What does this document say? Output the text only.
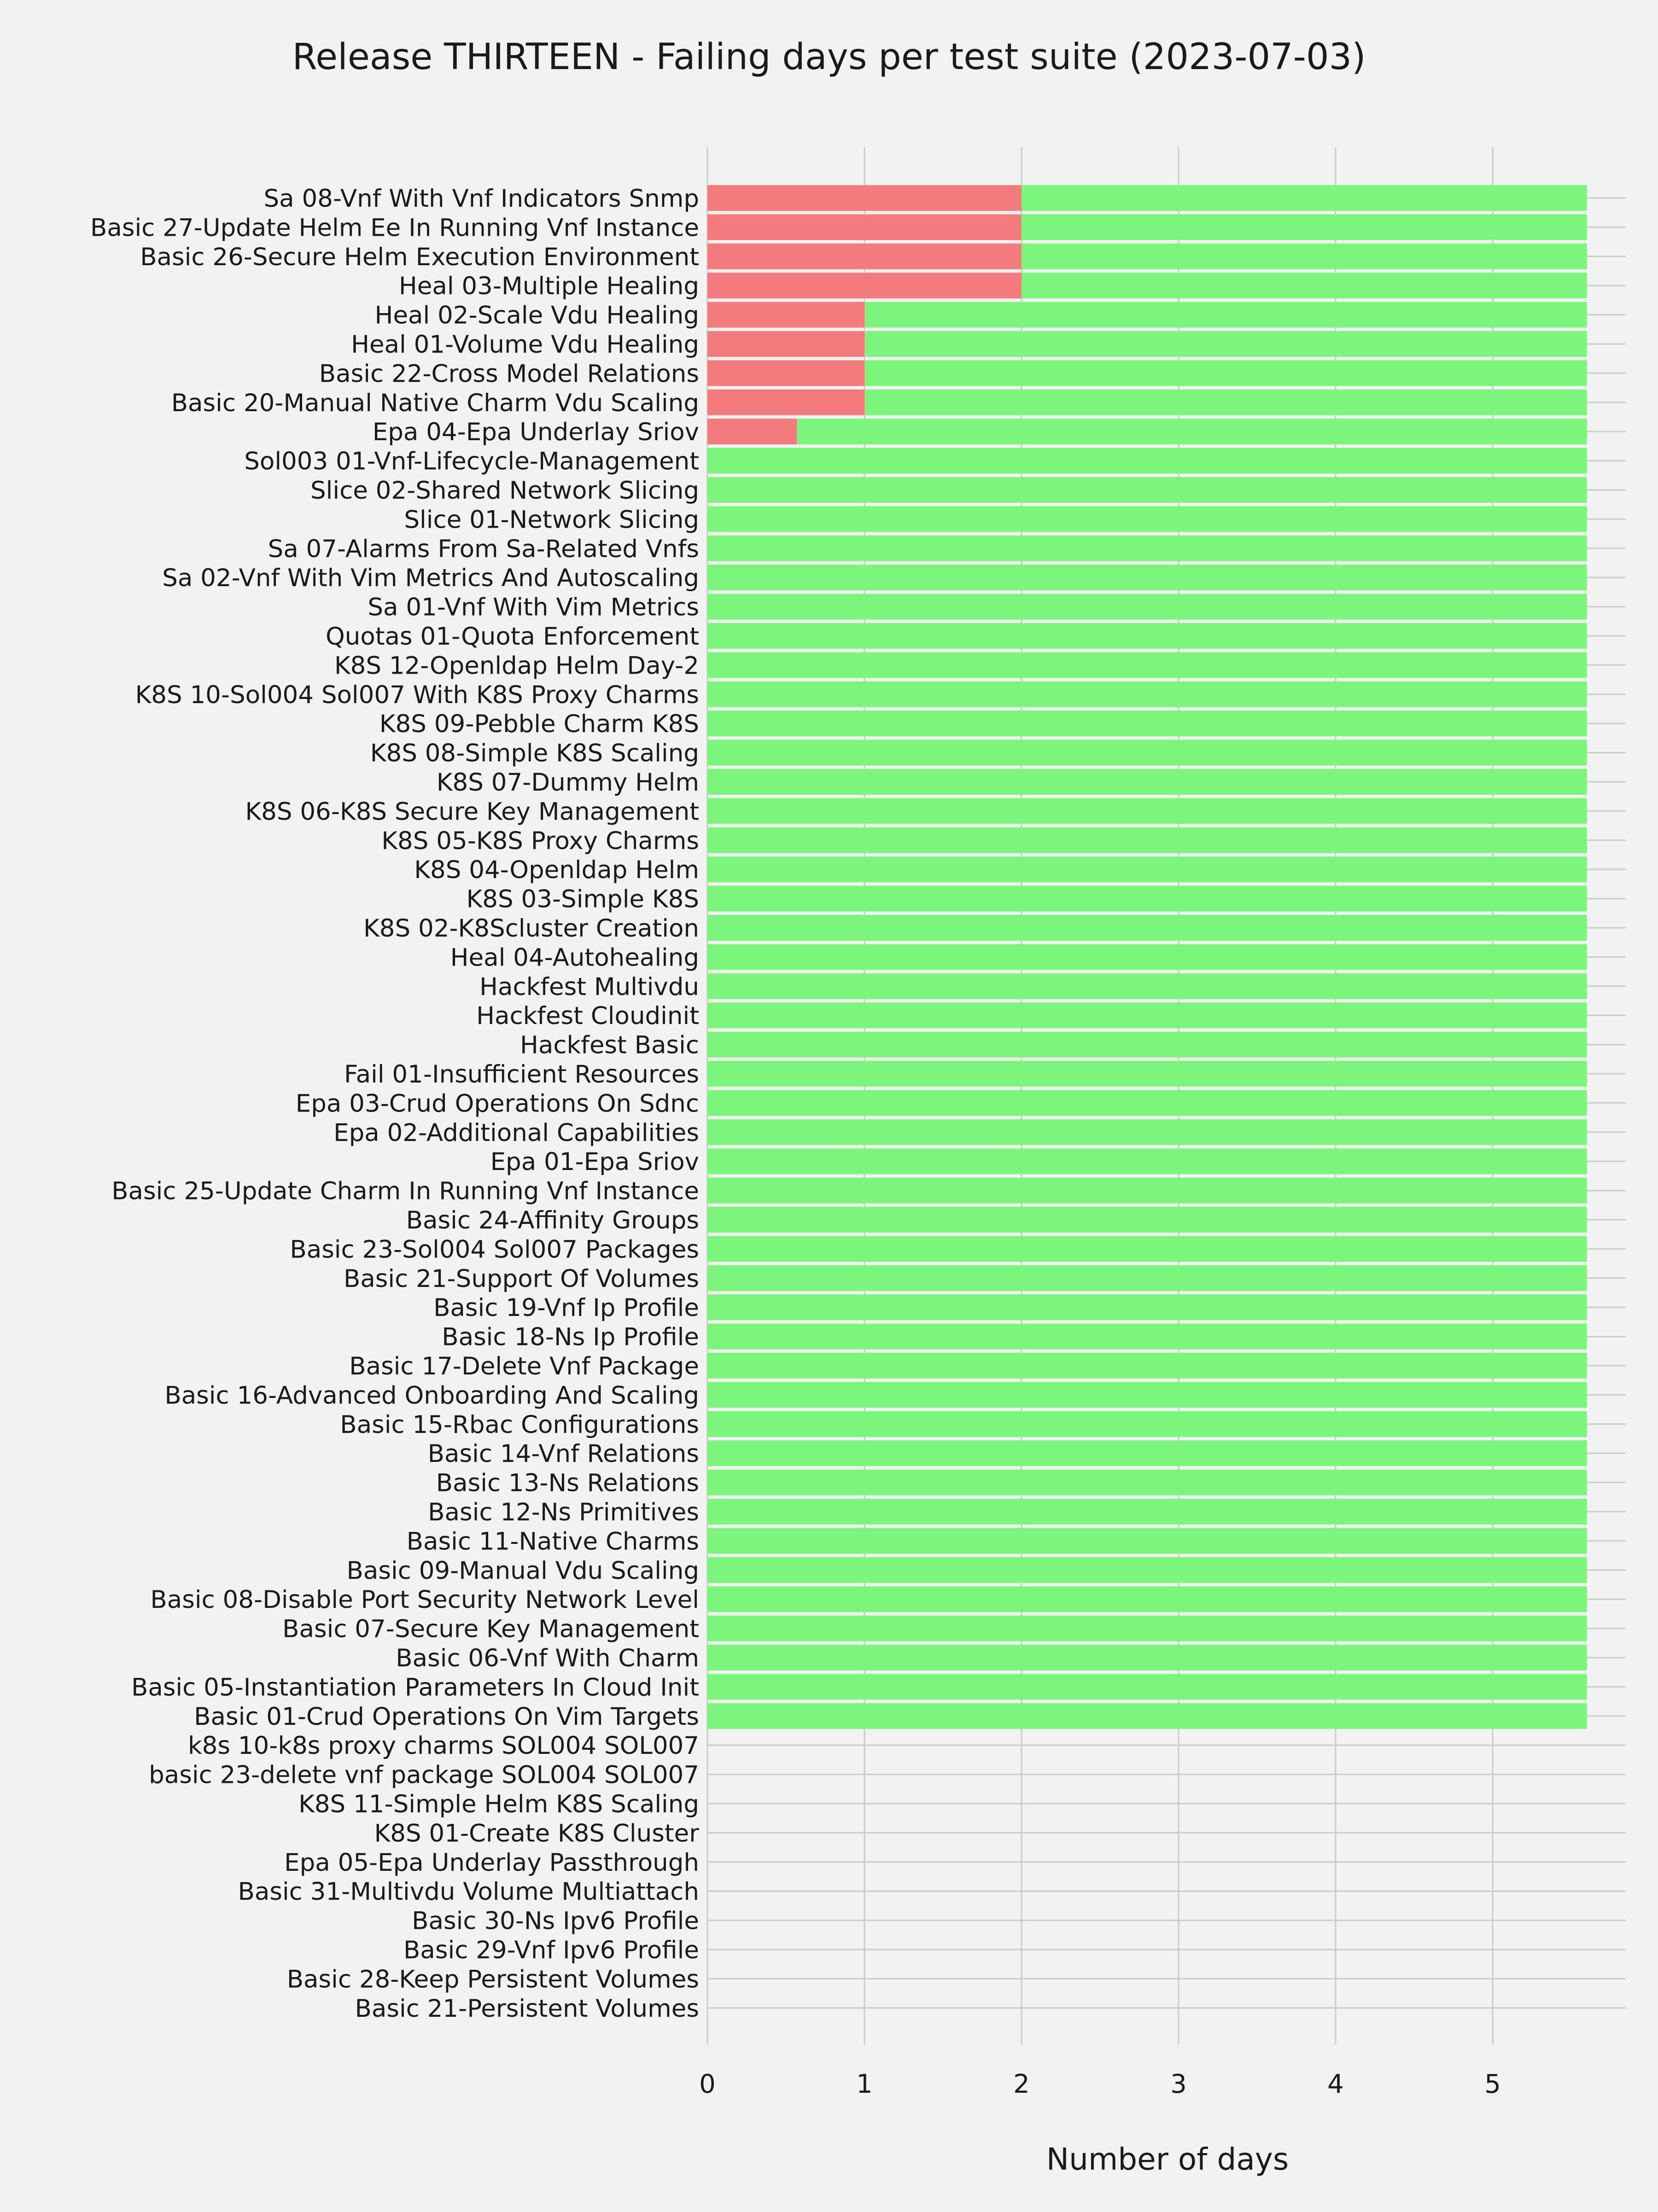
Sa 08-Vnf With Vnf Indicators Snmp
Basic 27-Update Helm Ee In Running Vnf Instance
Basic 26-Secure Helm Execution Environment
Heal 03-Multiple Healing
Heal 02-Scale Vdu Healing
Heal 01-Volume Vdu Healing
Basic 22-Cross Model Relations
Basic 20-Manual Native Charm Vdu Scaling
Epa 04-Epa Underlay Sriov
Sol003 01-Vnf-Lifecycle-Management
Slice 02-Shared Network Slicing
Slice 01-Network Slicing
Sa 07-Alarms From Sa-Related Vnfs
Sa 02-Vnf With Vim Metrics And Autoscaling
Sa 01-Vnf With Vim Metrics
Quotas 01-Quota Enforcement
K8S 12-Openldap Helm Day-2
K8S 10-Sol004 Sol007 With K8S Proxy Charms
K8S 09-Pebble Charm K8S
K8S 08-Simple K8S Scaling
K8S 07-Dummy Helm
K8S 06-K8S Secure Key Management
K8S 05-K8S Proxy Charms
K8S 04-Openldap Helm
K8S 03-Simple K8S
K8S 02-K8Scluster Creation
Heal 04-Autohealing
Hackfest Multivdu
Hackfest Cloudinit
Hackfest Basic
Fail 01-Insufficient Resources
Epa 03-Crud Operations On Sdnc
Epa 02-Additional Capabilities
Epa 01-Epa Sriov
Basic 25-Update Charm In Running Vnf Instance
Basic 24-Affinity Groups
Basic 23-Sol004 Sol007 Packages
Basic 21-Support Of Volumes
Basic 19-Vnf Ip Profile
Basic 18-Ns Ip Profile
Basic 17-Delete Vnf Package
Basic 16-Advanced Onboarding And Scaling
Basic 15-Rbac Configurations
Basic 14-Vnf Relations
Basic 13-Ns Relations
Basic 12-Ns Primitives
Basic 11-Native Charms
Basic 09-Manual Vdu Scaling
Basic 08-Disable Port Security Network Level
Basic 07-Secure Key Management
Basic 06-Vnf With Charm
Basic 05-Instantiation Parameters In Cloud Init
Basic 01-Crud Operations On Vim Targets
k8s 10-k8s proxy charms SOL004 SOL007
basic 23-delete vnf package SOL004 SOL007
K8S 11-Simple Helm K8S Scaling
K8S 01-Create K8S Cluster
Epa 05-Epa Underlay Passthrough
Basic 31-Multivdu Volume Multiattach
Basic 30-Ns Ipv6 Profile
Basic 29-Vnf Ipv6 Profile
Basic 28-Keep Persistent Volumes
Basic 21-Persistent Volumes
0	1	2	3	4	5
Release THIRTEEN - Failing days per test suite (2023-07-03)
Number of days
